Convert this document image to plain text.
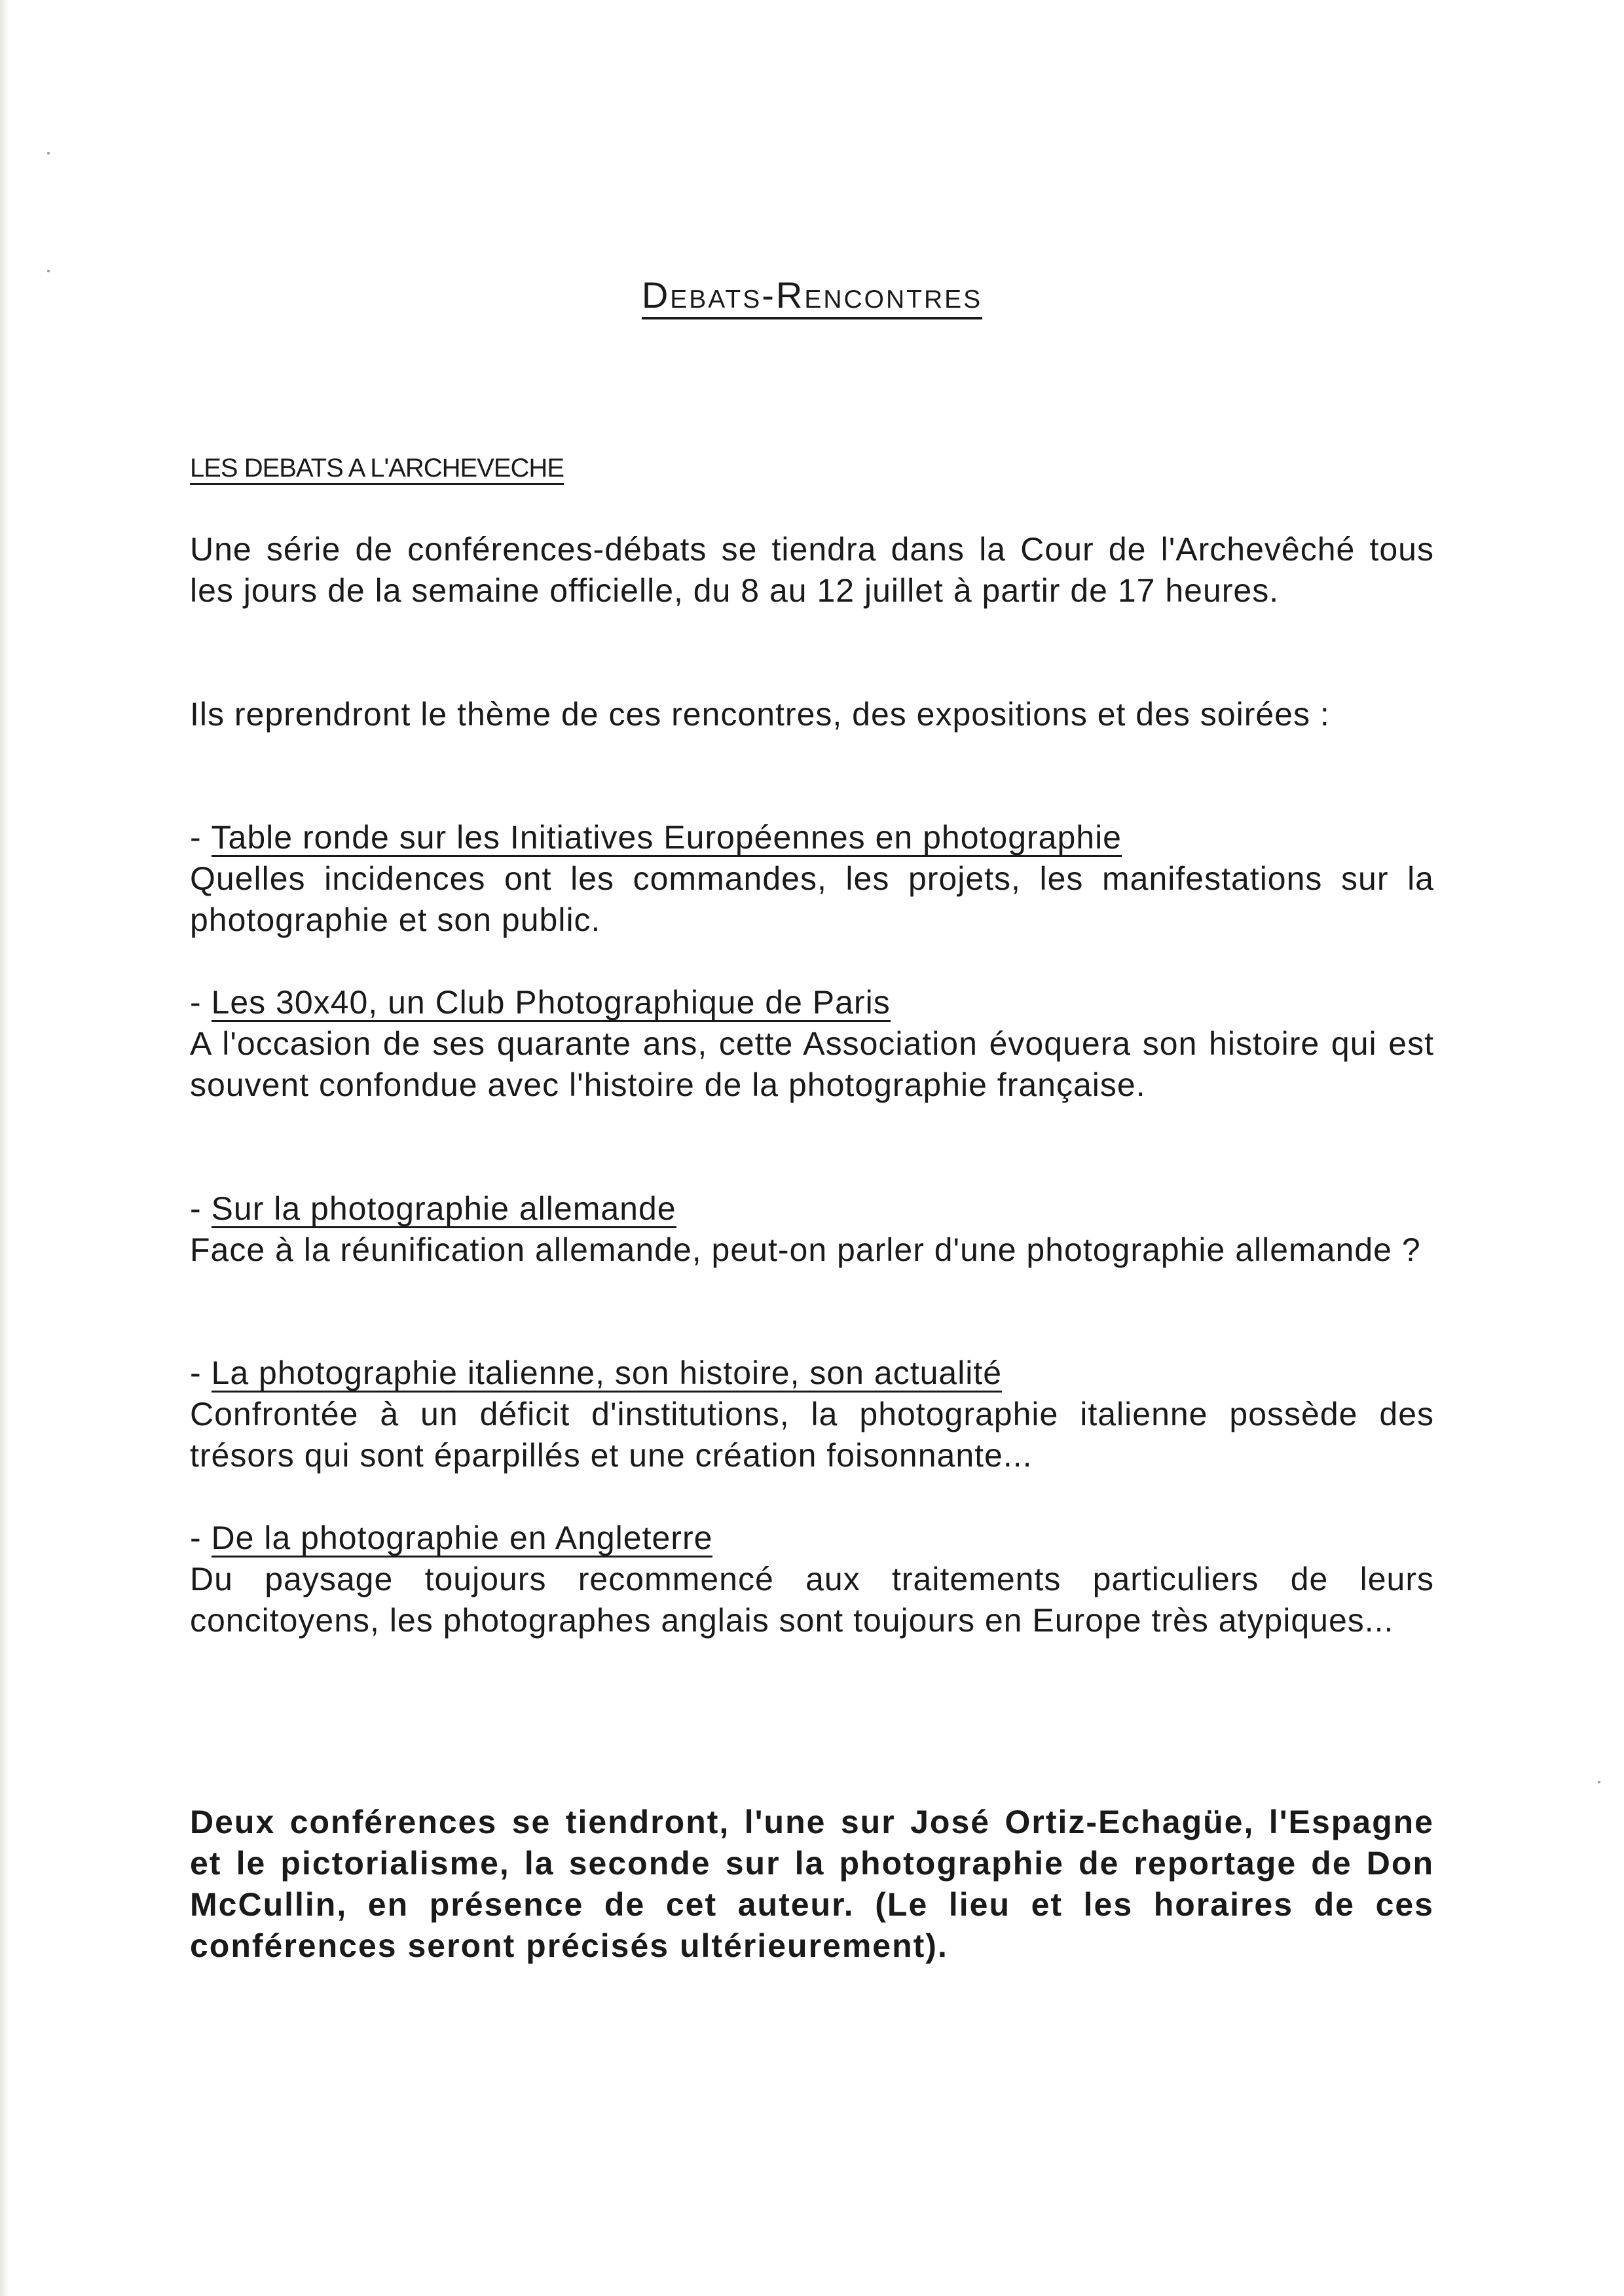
Debats-Rencontres
LES DEBATS A L'ARCHEVECHE
Une série de conférences-débats se tiendra dans la Cour de l'Archevêché tous les jours de la semaine officielle, du 8 au 12 juillet à partir de 17 heures.
Ils reprendront le thème de ces rencontres, des expositions et des soirées :
- Table ronde sur les Initiatives Européennes en photographie
Quelles incidences ont les commandes, les projets, les manifestations sur la photographie et son public.
- Les 30x40, un Club Photographique de Paris
A l'occasion de ses quarante ans, cette Association évoquera son histoire qui est souvent confondue avec l'histoire de la photographie française.
- Sur la photographie allemande
Face à la réunification allemande, peut-on parler d'une photographie allemande ?
- La photographie italienne, son histoire, son actualité
Confrontée à un déficit d'institutions, la photographie italienne possède des trésors qui sont éparpillés et une création foisonnante...
- De la photographie en Angleterre
Du paysage toujours recommencé aux traitements particuliers de leurs concitoyens, les photographes anglais sont toujours en Europe très atypiques...
Deux conférences se tiendront, l'une sur José Ortiz-Echagüe, l'Espagne et le pictorialisme, la seconde sur la photographie de reportage de Don McCullin, en présence de cet auteur. (Le lieu et les horaires de ces conférences seront précisés ultérieurement).
